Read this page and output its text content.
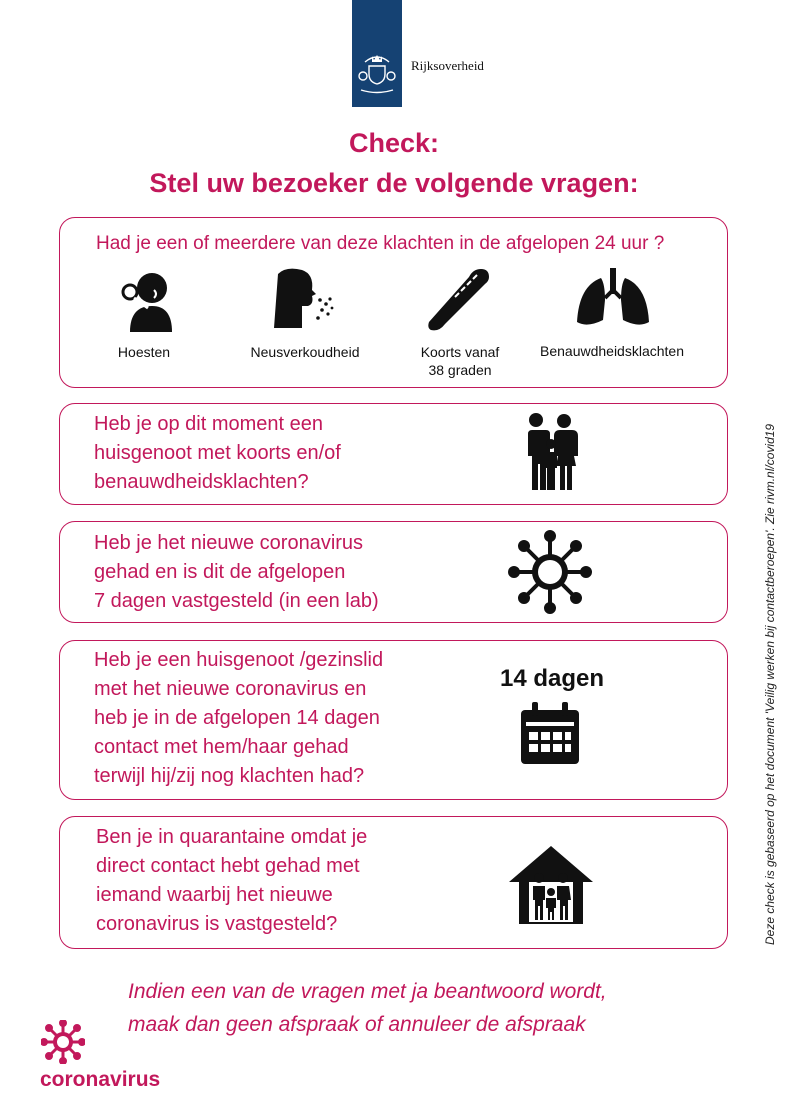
Rijksoverheid
Check:
Stel uw bezoeker de volgende vragen:
Had je een of meerdere van deze klachten in de afgelopen 24 uur ?
Hoesten	Neusverkoudheid	Koorts vanaf
38 graden
Benauwdheidsklachten
Heb je op dit moment een
huisgenoot met koorts en/of
benauwdheidsklachten?
Heb je het nieuwe coronavirus
gehad en is dit de afgelopen
7 dagen vastgesteld (in een lab)
Heb je een huisgenoot /gezinslid
met het nieuwe coronavirus en
heb je in de afgelopen 14 dagen
contact met hem/haar gehad
terwijl hij/zij nog klachten had?
14 dagen
Ben je in quarantaine omdat je
direct contact hebt gehad met
iemand waarbij het nieuwe
coronavirus is vastgesteld?
Indien een van de vragen met ja beantwoord wordt,
maak dan geen afspraak of annuleer de afspraak
Deze check is gebaseerd op het document 'Veilig werken bij contactberoepen'. Zie rivm.nl/covid19
coronavirus
